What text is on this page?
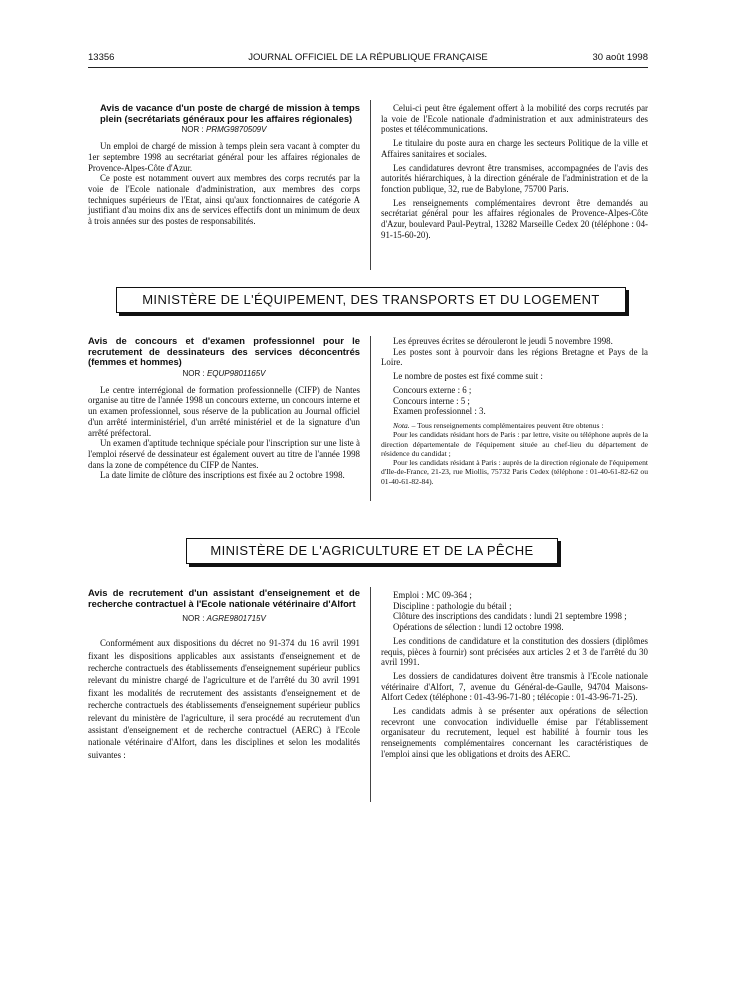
13356	JOURNAL OFFICIEL DE LA RÉPUBLIQUE FRANÇAISE	30 août 1998
Avis de vacance d'un poste de chargé de mission à temps plein (secrétariats généraux pour les affaires régionales)
NOR : PRMG9870509V

Un emploi de chargé de mission à temps plein sera vacant à compter du 1er septembre 1998 au secrétariat général pour les affaires régionales de Provence-Alpes-Côte d'Azur.

Ce poste est notamment ouvert aux membres des corps recrutés par la voie de l'Ecole nationale d'administration, aux membres des corps techniques supérieurs de l'Etat, ainsi qu'aux fonctionnaires de catégorie A justifiant d'au moins dix ans de services effectifs dont un minimum de deux à trois années sur des postes de responsabilités.

Celui-ci peut être également offert à la mobilité des corps recrutés par la voie de l'Ecole nationale d'administration et aux administrateurs des postes et télécommunications.

Le titulaire du poste aura en charge les secteurs Politique de la ville et Affaires sanitaires et sociales.

Les candidatures devront être transmises, accompagnées de l'avis des autorités hiérarchiques, à la direction générale de l'administration et de la fonction publique, 32, rue de Babylone, 75700 Paris.

Les renseignements complémentaires devront être demandés au secrétariat général pour les affaires régionales de Provence-Alpes-Côte d'Azur, boulevard Paul-Peytral, 13282 Marseille Cedex 20 (téléphone : 04-91-15-60-20).

MINISTÈRE DE L'ÉQUIPEMENT, DES TRANSPORTS ET DU LOGEMENT
Avis de concours et d'examen professionnel pour le recrutement de dessinateurs des services déconcentrés (femmes et hommes)
NOR : EQUP9801165V

Le centre interrégional de formation professionnelle (CIFP) de Nantes organise au titre de l'année 1998 un concours externe, un concours interne et un examen professionnel, sous réserve de la publication au Journal officiel d'un arrêté interministériel, d'un arrêté ministériel et de la signature d'un arrêté préfectoral.

Un examen d'aptitude technique spéciale pour l'inscription sur une liste à l'emploi réservé de dessinateur est également ouvert au titre de l'année 1998 dans la zone de compétence du CIFP de Nantes.

La date limite de clôture des inscriptions est fixée au 2 octobre 1998.

Les épreuves écrites se dérouleront le jeudi 5 novembre 1998.

Les postes sont à pourvoir dans les régions Bretagne et Pays de la Loire.

Le nombre de postes est fixé comme suit :

Concours externe : 6 ;

Concours interne : 5 ;

Examen professionnel : 3.

Nota. – Tous renseignements complémentaires peuvent être obtenus :
Pour les candidats résidant hors de Paris : par lettre, visite ou téléphone auprès de la direction départementale de l'équipement située au chef-lieu du département de résidence du candidat ;
Pour les candidats résidant à Paris : auprès de la direction régionale de l'équipement d'Ile-de-France, 21-23, rue Miollis, 75732 Paris Cedex (téléphone : 01-40-61-82-62 ou 01-40-61-82-84).
MINISTÈRE DE L'AGRICULTURE ET DE LA PÊCHE
Avis de recrutement d'un assistant d'enseignement et de recherche contractuel à l'Ecole nationale vétérinaire d'Alfort
NOR : AGRE9801715V

Conformément aux dispositions du décret no 91-374 du 16 avril 1991 fixant les dispositions applicables aux assistants d'enseignement et de recherche contractuels des établissements d'enseignement supérieur publics relevant du ministre chargé de l'agriculture et de l'arrêté du 30 avril 1991 fixant les modalités de recrutement des assistants d'enseignement et de recherche contractuels des établissements d'enseignement supérieur publics relevant du ministère de l'agriculture, il sera procédé au recrutement d'un assistant d'enseignement et de recherche contractuel (AERC) à l'Ecole nationale vétérinaire d'Alfort, dans les disciplines et selon les modalités suivantes :

Emploi : MC 09-364 ;

Discipline : pathologie du bétail ;

Clôture des inscriptions des candidats : lundi 21 septembre 1998 ;

Opérations de sélection : lundi 12 octobre 1998.

Les conditions de candidature et la constitution des dossiers (diplômes requis, pièces à fournir) sont précisées aux articles 2 et 3 de l'arrêté du 30 avril 1991.

Les dossiers de candidatures doivent être transmis à l'Ecole nationale vétérinaire d'Alfort, 7, avenue du Général-de-Gaulle, 94704 Maisons-Alfort Cedex (téléphone : 01-43-96-71-80 ; télécopie : 01-43-96-71-25).

Les candidats admis à se présenter aux opérations de sélection recevront une convocation individuelle émise par l'établissement organisateur du recrutement, lequel est habilité à fournir tous les renseignements complémentaires concernant les caractéristiques de l'emploi ainsi que les obligations et droits des AERC.
